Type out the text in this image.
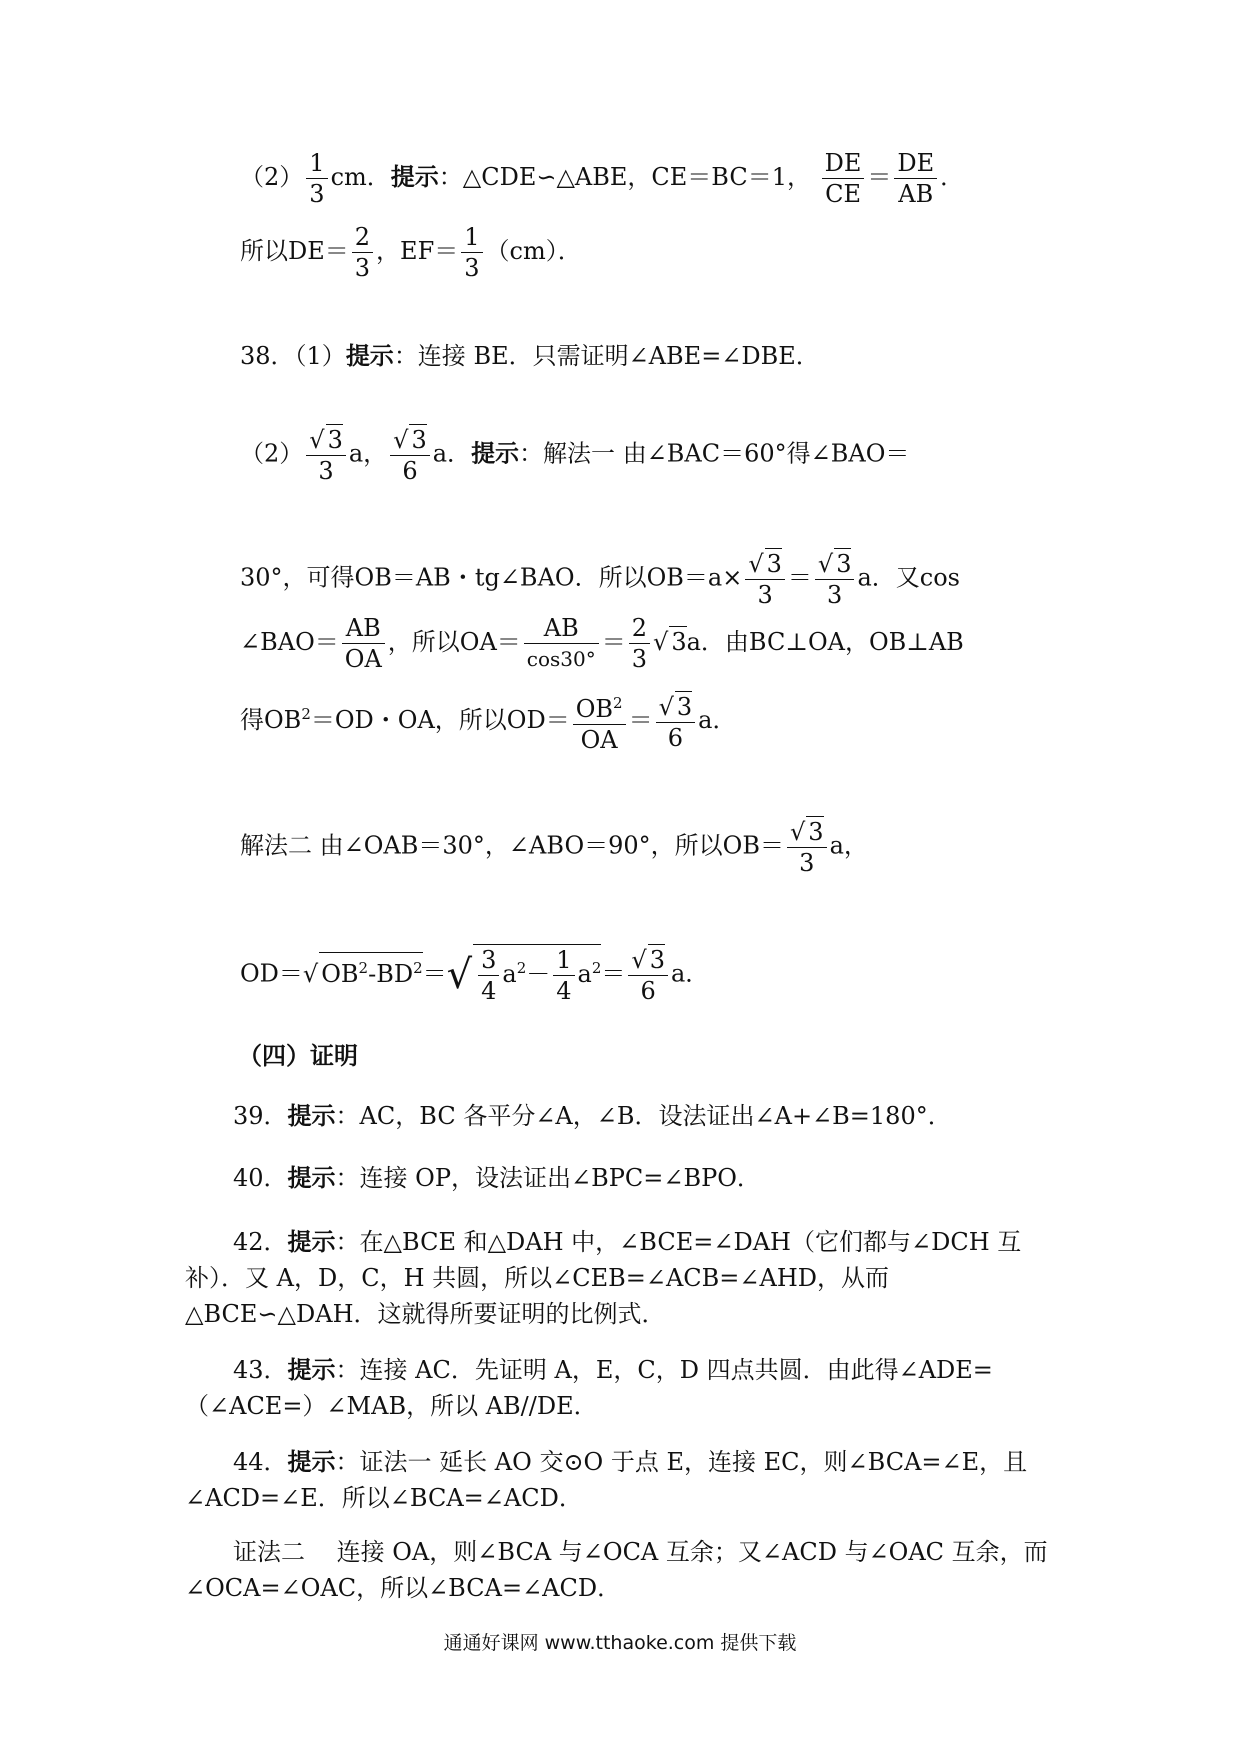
$(2) \frac{1}{3}$ cm．提示：△CDE∽△ABE，CE＝BC＝1， $\frac{DE}{CE} = \frac{DE}{AB}$ ．
所以$DE= \frac{2}{3}$ ，$EF= \frac{1}{3} (cm)$．
38．（1）提示：连接 BE．只需证明∠ABE=∠DBE．
$(2) \frac{√ 3}{3}$ a， $\frac{√ 3}{6}$ a．提示：解法一 由∠BAC＝60°得∠BAO＝
30°，可得OB＝AB・tg∠BAO．所以$OB=a\times \frac{√ 3}{3} = \frac{√ 3}{3}$ a．又cos
∠BAO＝ $\frac{AB}{OA}$ ，所以$OA= \frac{AB}{\cos 30^\circ} = \frac{2}{3}$ √ 3a．由BC⊥OA，OB⊥AB
得$OB^2=OD$・OA，所以$OD= \frac{OB^2}{OA} = \frac{√ 3}{6}$ a．
解法二 由∠OAB＝30°，∠ABO＝90°，所以$OB= \frac{√ 3}{3}$ a，
OD＝√ $OB^2-BD^2=√ \frac{3}{4} a^2- \frac{1}{4} a^2= \frac{√ 3}{6}$ a．
（四）证明
39．提示：AC，BC 各平分∠A，∠B．设法证出∠A+∠B=180°．
40．提示：连接 OP，设法证出∠BPC=∠BPO．
42．提示：在△BCE 和△DAH 中，∠BCE=∠DAH（它们都与∠DCH 互补）．又 A，D，C，H 共圆，所以∠CEB=∠ACB=∠AHD，从而△BCE∽△DAH．这就得所要证明的比例式．
43．提示：连接 AC．先证明 A，E，C，D 四点共圆．由此得∠ADE=（∠ACE=）∠MAB，所以 AB//DE．
44．提示：证法一 延长 AO 交⊙O 于点 E，连接 EC，则∠BCA=∠E，且∠ACD=∠E．所以∠BCA=∠ACD．
证法二　 连接 OA，则∠BCA 与∠OCA 互余；又∠ACD 与∠OAC 互余，而∠OCA=∠OAC，所以∠BCA=∠ACD．
通通好课网 www.tthaoke.com 提供下载
